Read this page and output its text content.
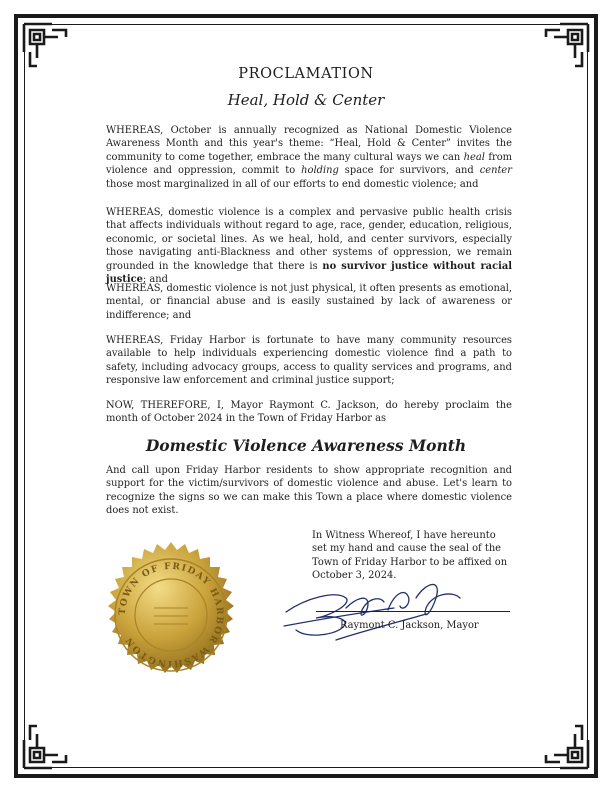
PROCLAMATION
Heal, Hold & Center
WHEREAS, October is annually recognized as National Domestic Violence Awareness Month and this year's theme: “Heal, Hold & Center” invites the community to come together, embrace the many cultural ways we can heal from violence and oppression, commit to holding space for survivors, and center those most marginalized in all of our efforts to end domestic violence; and
WHEREAS, domestic violence is a complex and pervasive public health crisis that affects individuals without regard to age, race, gender, education, religious, economic, or societal lines. As we heal, hold, and center survivors, especially those navigating anti-Blackness and other systems of oppression, we remain grounded in the knowledge that there is no survivor justice without racial justice; and
WHEREAS, domestic violence is not just physical, it often presents as emotional, mental, or financial abuse and is easily sustained by lack of awareness or indifference; and
WHEREAS, Friday Harbor is fortunate to have many community resources available to help individuals experiencing domestic violence find a path to safety, including advocacy groups, access to quality services and programs, and responsive law enforcement and criminal justice support;
NOW, THEREFORE, I, Mayor Raymont C. Jackson, do hereby proclaim the month of October 2024 in the Town of Friday Harbor as
Domestic Violence Awareness Month
And call upon Friday Harbor residents to show appropriate recognition and support for the victim/survivors of domestic violence and abuse. Let's learn to recognize the signs so we can make this Town a place where domestic violence does not exist.
In Witness Whereof, I have hereunto set my hand and cause the seal of the Town of Friday Harbor to be affixed on October 3, 2024.
Raymont C. Jackson, Mayor
TOWN OF FRIDAY HARBOR WASHINGTON
